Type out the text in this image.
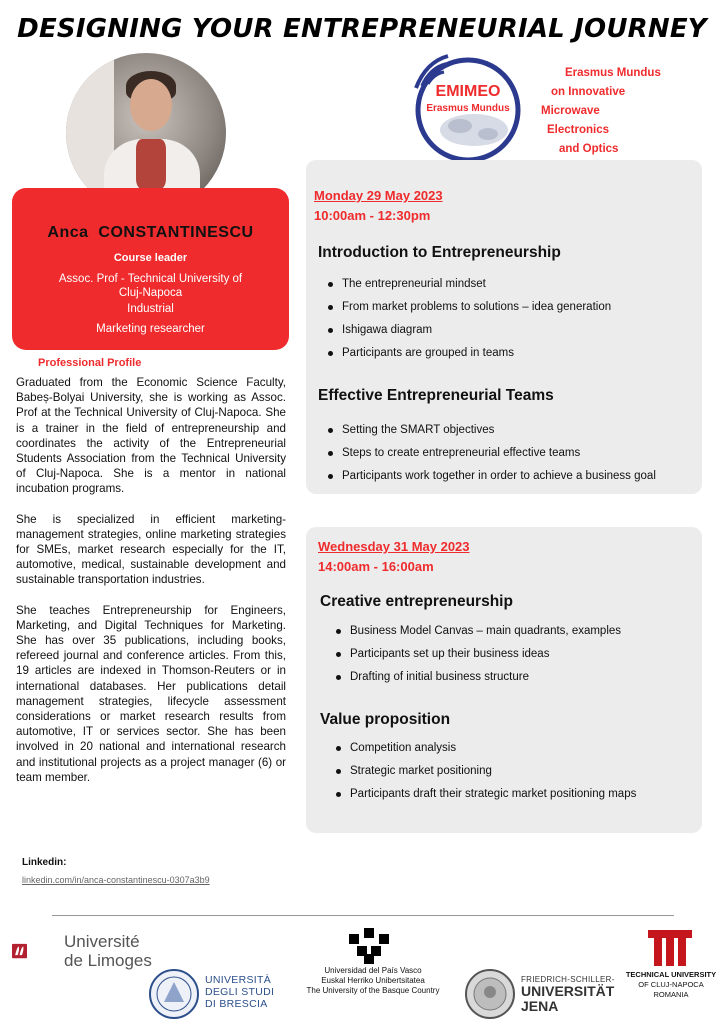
DESIGNING YOUR ENTREPRENEURIAL JOURNEY
Anca CONSTANTINESCU
Course leader
Assoc. Prof - Technical University of Cluj-Napoca
Industrial
Marketing researcher
Professional Profile

Graduated from the Economic Science Faculty, Babeș-Bolyai University, she is working as Assoc. Prof at the Technical University of Cluj-Napoca. She is a trainer in the field of entrepreneurship and coordinates the activity of the Entrepreneurial Students Association from the Technical University of Cluj-Napoca. She is a mentor in national incubation programs.

She is specialized in efficient marketing-management strategies, online marketing strategies for SMEs, market research especially for the IT, automotive, medical, sustainable development and sustainable transportation industries.

She teaches Entrepreneurship for Engineers, Marketing, and Digital Techniques for Marketing. She has over 35 publications, including books, refereed journal and conference articles. From this, 19 articles are indexed in Thomson-Reuters or in international databases. Her publications detail management strategies, lifecycle assessment considerations or market research results from automotive, IT or services sector. She has been involved in 20 national and international research and institutional projects as a project manager (6) or team member.

Linkedin:
linkedin.com/in/anca-constantinescu-0307a3b9
EMIMEO
Erasmus Mundus
Erasmus Mundus
on Innovative
Microwave
Electronics
and Optics
Monday 29 May 2023
10:00am - 12:30pm
Introduction to Entrepreneurship
The entrepreneurial mindset
From market problems to solutions – idea generation
Ishigawa diagram
Participants are grouped in teams
Effective Entrepreneurial Teams
Setting the SMART objectives
Steps to create entrepreneurial effective teams
Participants work together in order to achieve a business goal
Wednesday 31 May 2023
14:00am - 16:00am
Creative entrepreneurship
Business Model Canvas – main quadrants, examples
Participants set up their business ideas
Drafting of initial business structure
Value proposition
Competition analysis
Strategic market positioning
Participants draft their strategic market positioning maps
Université
de Limoges
UNIVERSITÀ
DEGLI STUDI
DI BRESCIA
Universidad del País Vasco
Euskal Herriko Unibertsitatea
The University of the Basque Country
FRIEDRICH-SCHILLER-
UNIVERSITÄT
JENA
TECHNICAL UNIVERSITY
OF CLUJ-NAPOCA
ROMANIA
